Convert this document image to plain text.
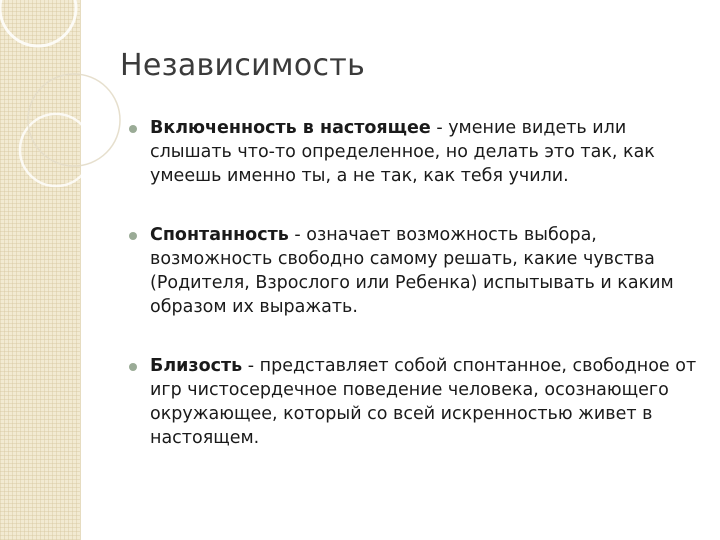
Независимость
Включенность в настоящее - умение видеть или слышать что-то определенное, но делать это так, как умеешь именно ты, а не так, как тебя учили.
Спонтанность - означает возможность выбора, возможность свободно самому решать, какие чувства (Родителя, Взрослого или Ребенка) испытывать и каким образом их выражать.
Близость - представляет собой спонтанное, свободное от игр чистосердечное поведение человека, осознающего окружающее, который со всей искренностью живет в настоящем.
